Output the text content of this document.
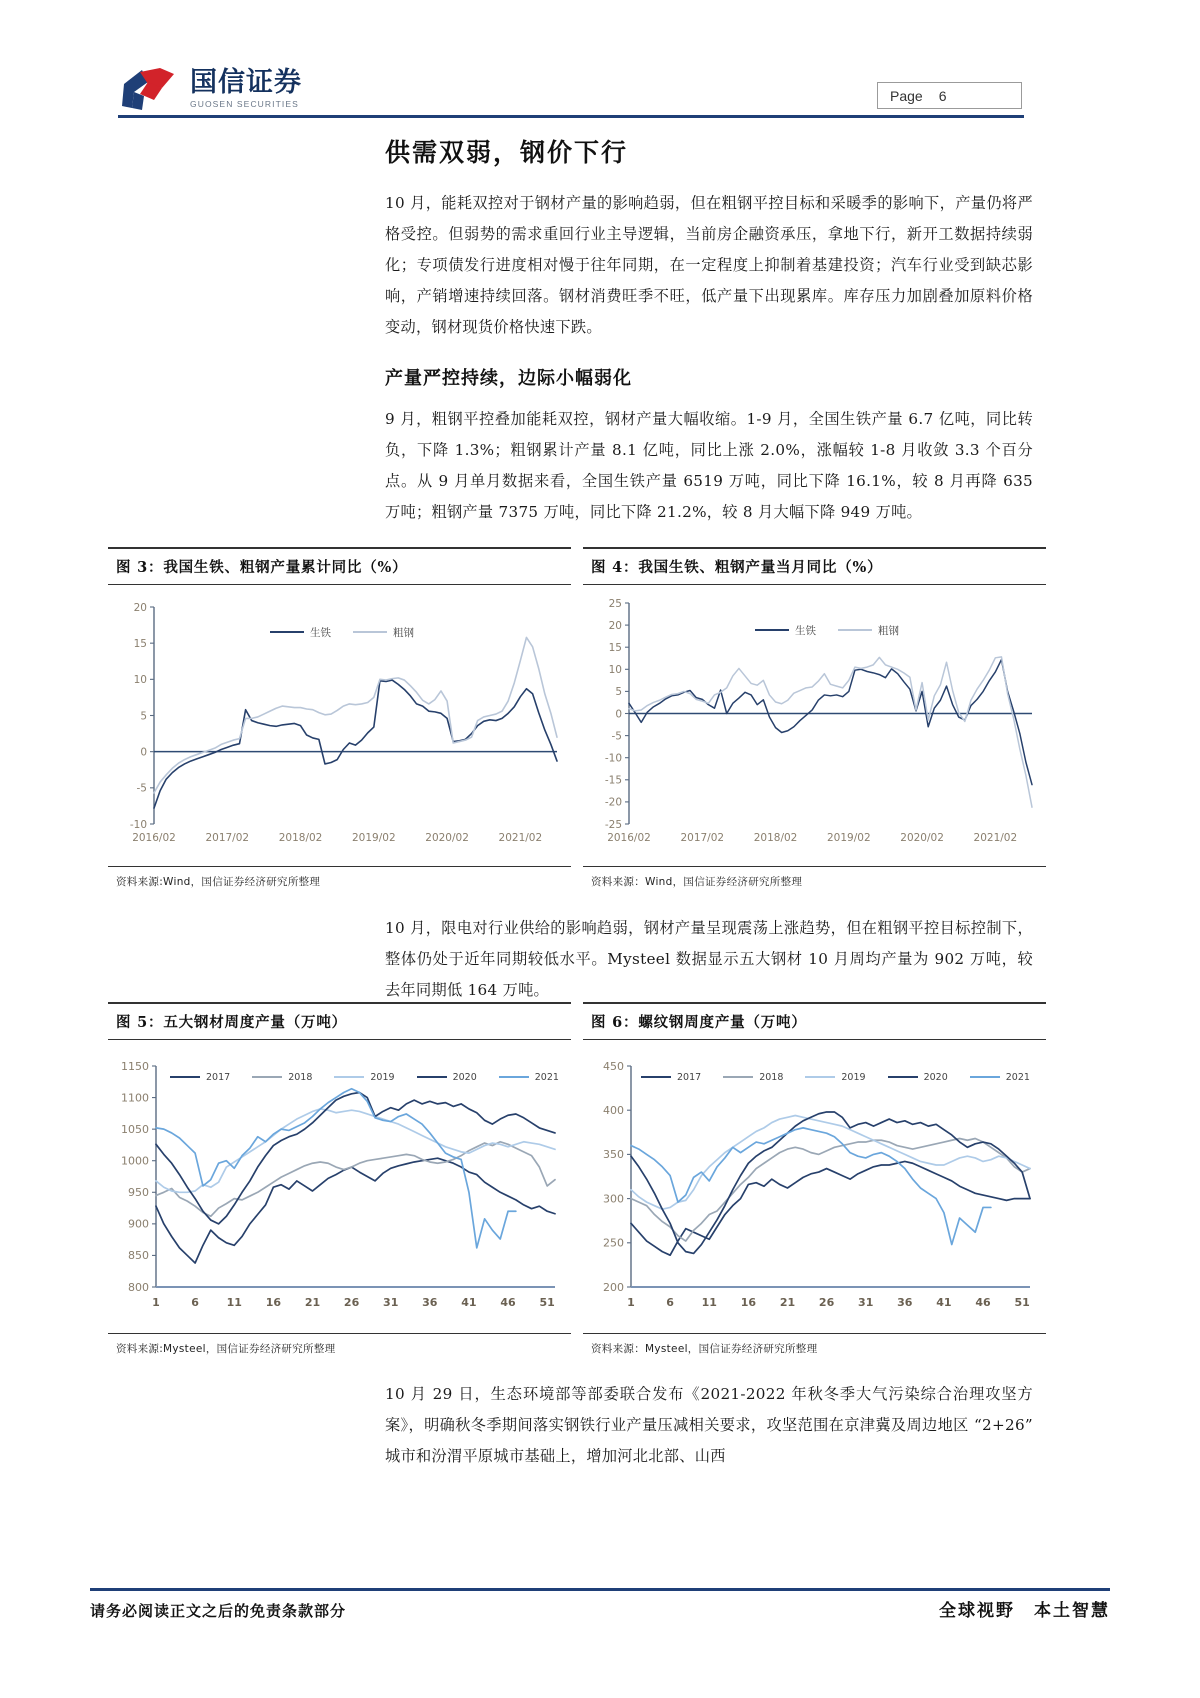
国信证券
GUOSEN SECURITIES
Page 6
供需双弱，钢价下行

10 月，能耗双控对于钢材产量的影响趋弱，但在粗钢平控目标和采暖季的影响下，产量仍将严格受控。但弱势的需求重回行业主导逻辑，当前房企融资承压，拿地下行，新开工数据持续弱化；专项债发行进度相对慢于往年同期，在一定程度上抑制着基建投资；汽车行业受到缺芯影响，产销增速持续回落。钢材消费旺季不旺，低产量下出现累库。库存压力加剧叠加原料价格变动，钢材现货价格快速下跌。

产量严控持续，边际小幅弱化

9 月，粗钢平控叠加能耗双控，钢材产量大幅收缩。1-9 月，全国生铁产量 6.7 亿吨，同比转负，下降 1.3%；粗钢累计产量 8.1 亿吨，同比上涨 2.0%，涨幅较 1-8 月收敛 3.3 个百分点。从 9 月单月数据来看，全国生铁产量 6519 万吨，同比下降 16.1%，较 8 月再降 635 万吨；粗钢产量 7375 万吨，同比下降 21.2%，较 8 月大幅下降 949 万吨。

10 月，限电对行业供给的影响趋弱，钢材产量呈现震荡上涨趋势，但在粗钢平控目标控制下，整体仍处于近年同期较低水平。Mysteel 数据显示五大钢材 10 月周均产量为 902 万吨，较去年同期低 164 万吨。

10 月 29 日，生态环境部等部委联合发布《2021-2022 年秋冬季大气污染综合治理攻坚方案》，明确秋冬季期间落实钢铁行业产量压减相关要求，攻坚范围在京津冀及周边地区 “2+26” 城市和汾渭平原城市基础上，增加河北北部、山西

图 3：我国生铁、粗钢产量累计同比（%）
生铁	粗钢
-10
-5
0
5
10
15
20
2016/02	2017/02	2018/02	2019/02	2020/02	2021/02
资料来源:Wind，国信证券经济研究所整理
图 4：我国生铁、粗钢产量当月同比（%）
生铁	粗钢
-25
-20
-15
-10
-5
0
5
10
15
20
25
2016/02	2017/02	2018/02	2019/02	2020/02	2021/02
资料来源：Wind，国信证券经济研究所整理
图 5：五大钢材周度产量（万吨）
2017	2018	2019	2020	2021
800
850
900
950
1000
1050
1100
1150
1	6	11 16 21 26 31 36 41 46 51
资料来源:Mysteel，国信证券经济研究所整理
图 6：螺纹钢周度产量（万吨）
2017	2018	2019	2020	2021
200
250
300
350
400
450
1	6	11 16 21 26 31 36 41 46 51
资料来源：Mysteel，国信证券经济研究所整理
请务必阅读正文之后的免责条款部分	全球视野　本土智慧
